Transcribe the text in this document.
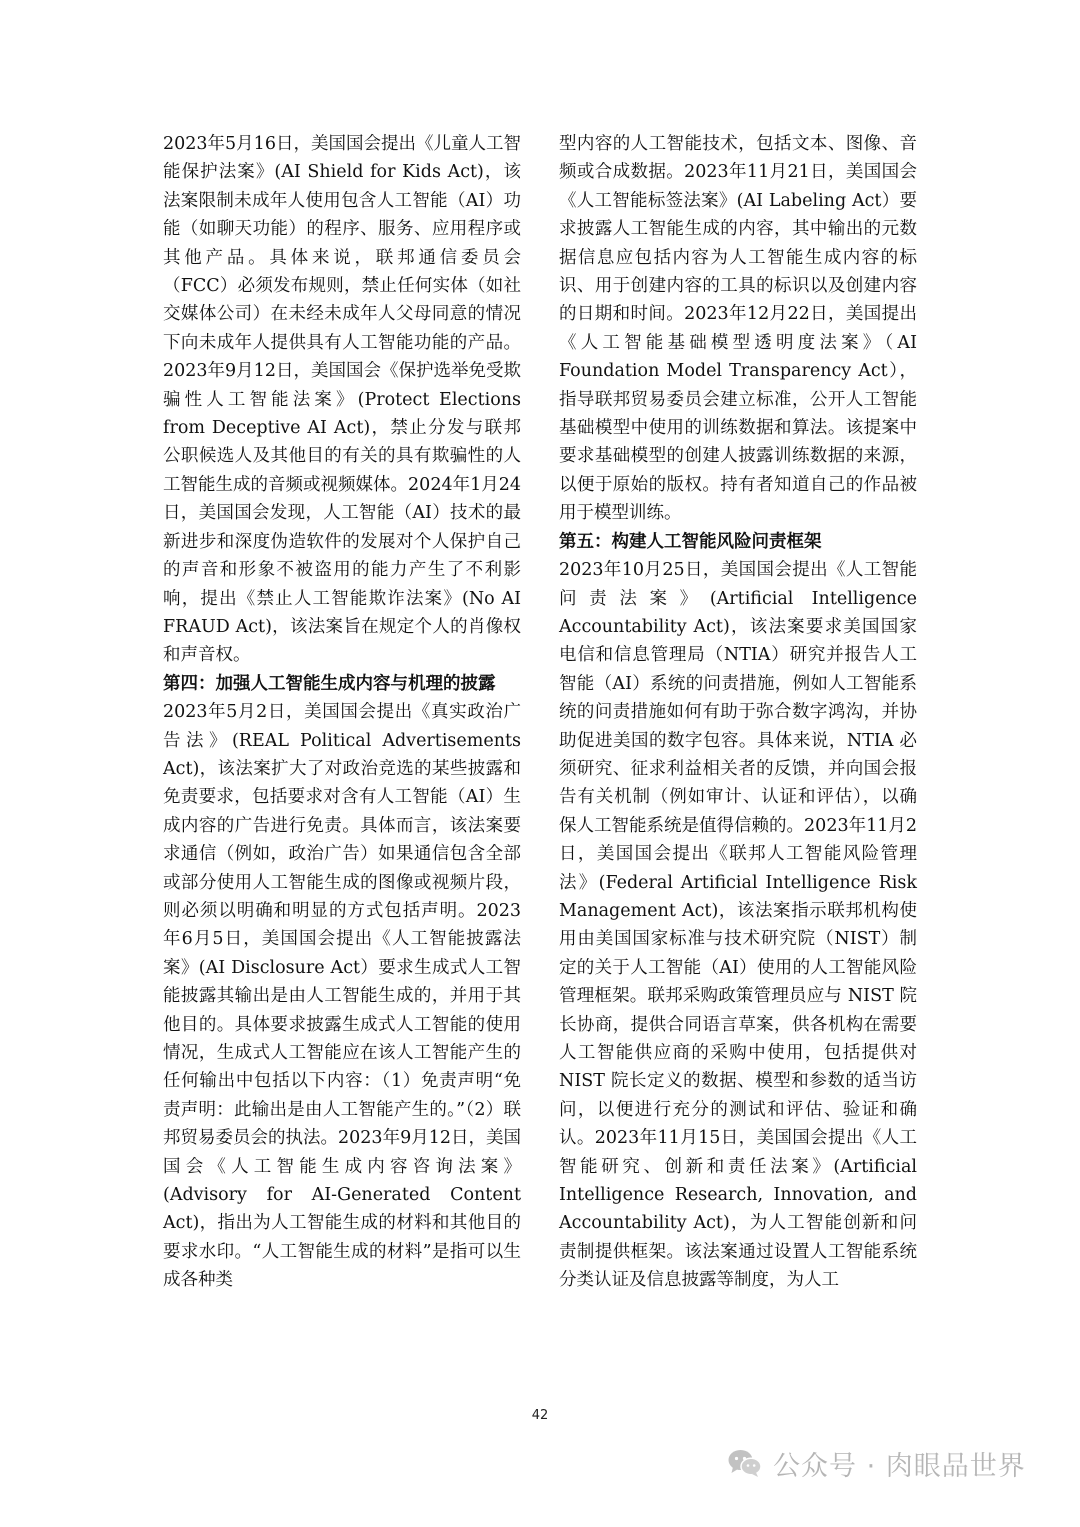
2023年5月16日，美国国会提出《儿童人工智能保护法案》(AI Shield for Kids Act)，该法案限制未成年人使用包含人工智能（AI）功能（如聊天功能）的程序、服务、应用程序或其他产品。具体来说，联邦通信委员会（FCC）必须发布规则，禁止任何实体（如社交媒体公司）在未经未成年人父母同意的情况下向未成年人提供具有人工智能功能的产品。2023年9月12日，美国国会《保护选举免受欺骗性人工智能法案》(Protect Elections from Deceptive AI Act)，禁止分发与联邦公职候选人及其他目的有关的具有欺骗性的人工智能生成的音频或视频媒体。2024年1月24日，美国国会发现，人工智能（AI）技术的最新进步和深度伪造软件的发展对个人保护自己的声音和形象不被盗用的能力产生了不利影响，提出《禁止人工智能欺诈法案》(No AI FRAUD Act)，该法案旨在规定个人的肖像权和声音权。

第四：加强人工智能生成内容与机理的披露

2023年5月2日，美国国会提出《真实政治广告法》(REAL Political Advertisements Act)，该法案扩大了对政治竞选的某些披露和免责要求，包括要求对含有人工智能（AI）生成内容的广告进行免责。具体而言，该法案要求通信（例如，政治广告）如果通信包含全部或部分使用人工智能生成的图像或视频片段，则必须以明确和明显的方式包括声明。2023年6月5日，美国国会提出《人工智能披露法案》(AI Disclosure Act）要求生成式人工智能披露其输出是由人工智能生成的，并用于其他目的。具体要求披露生成式人工智能的使用情况，生成式人工智能应在该人工智能产生的任何输出中包括以下内容：（1）免责声明“免责声明：此输出是由人工智能产生的。”（2）联邦贸易委员会的执法。2023年9月12日，美国国会《人工智能生成内容咨询法案》(Advisory for AI-Generated Content Act)，指出为人工智能生成的材料和其他目的要求水印。“人工智能生成的材料”是指可以生成各种类

型内容的人工智能技术，包括文本、图像、音频或合成数据。2023年11月21日，美国国会《人工智能标签法案》(AI Labeling Act）要求披露人工智能生成的内容，其中输出的元数据信息应包括内容为人工智能生成内容的标识、用于创建内容的工具的标识以及创建内容的日期和时间。2023年12月22日，美国提出《人工智能基础模型透明度法案》（AI Foundation Model Transparency Act），指导联邦贸易委员会建立标准，公开人工智能基础模型中使用的训练数据和算法。该提案中要求基础模型的创建人披露训练数据的来源，以便于原始的版权。持有者知道自己的作品被用于模型训练。

第五：构建人工智能风险问责框架

2023年10月25日，美国国会提出《人工智能问责法案》(Artificial Intelligence Accountability Act)，该法案要求美国国家电信和信息管理局（NTIA）研究并报告人工智能（AI）系统的问责措施，例如人工智能系统的问责措施如何有助于弥合数字鸿沟，并协助促进美国的数字包容。具体来说，NTIA 必须研究、征求利益相关者的反馈，并向国会报告有关机制（例如审计、认证和评估），以确保人工智能系统是值得信赖的。2023年11月2日，美国国会提出《联邦人工智能风险管理法》(Federal Artificial Intelligence Risk Management Act)，该法案指示联邦机构使用由美国国家标准与技术研究院（NIST）制定的关于人工智能（AI）使用的人工智能风险管理框架。联邦采购政策管理员应与 NIST 院长协商，提供合同语言草案，供各机构在需要人工智能供应商的采购中使用，包括提供对 NIST 院长定义的数据、模型和参数的适当访问，以便进行充分的测试和评估、验证和确认。2023年11月15日，美国国会提出《人工智能研究、创新和责任法案》(Artificial Intelligence Research, Innovation, and Accountability Act)，为人工智能创新和问责制提供框架。该法案通过设置人工智能系统分类认证及信息披露等制度，为人工

42
公众号 · 肉眼品世界
